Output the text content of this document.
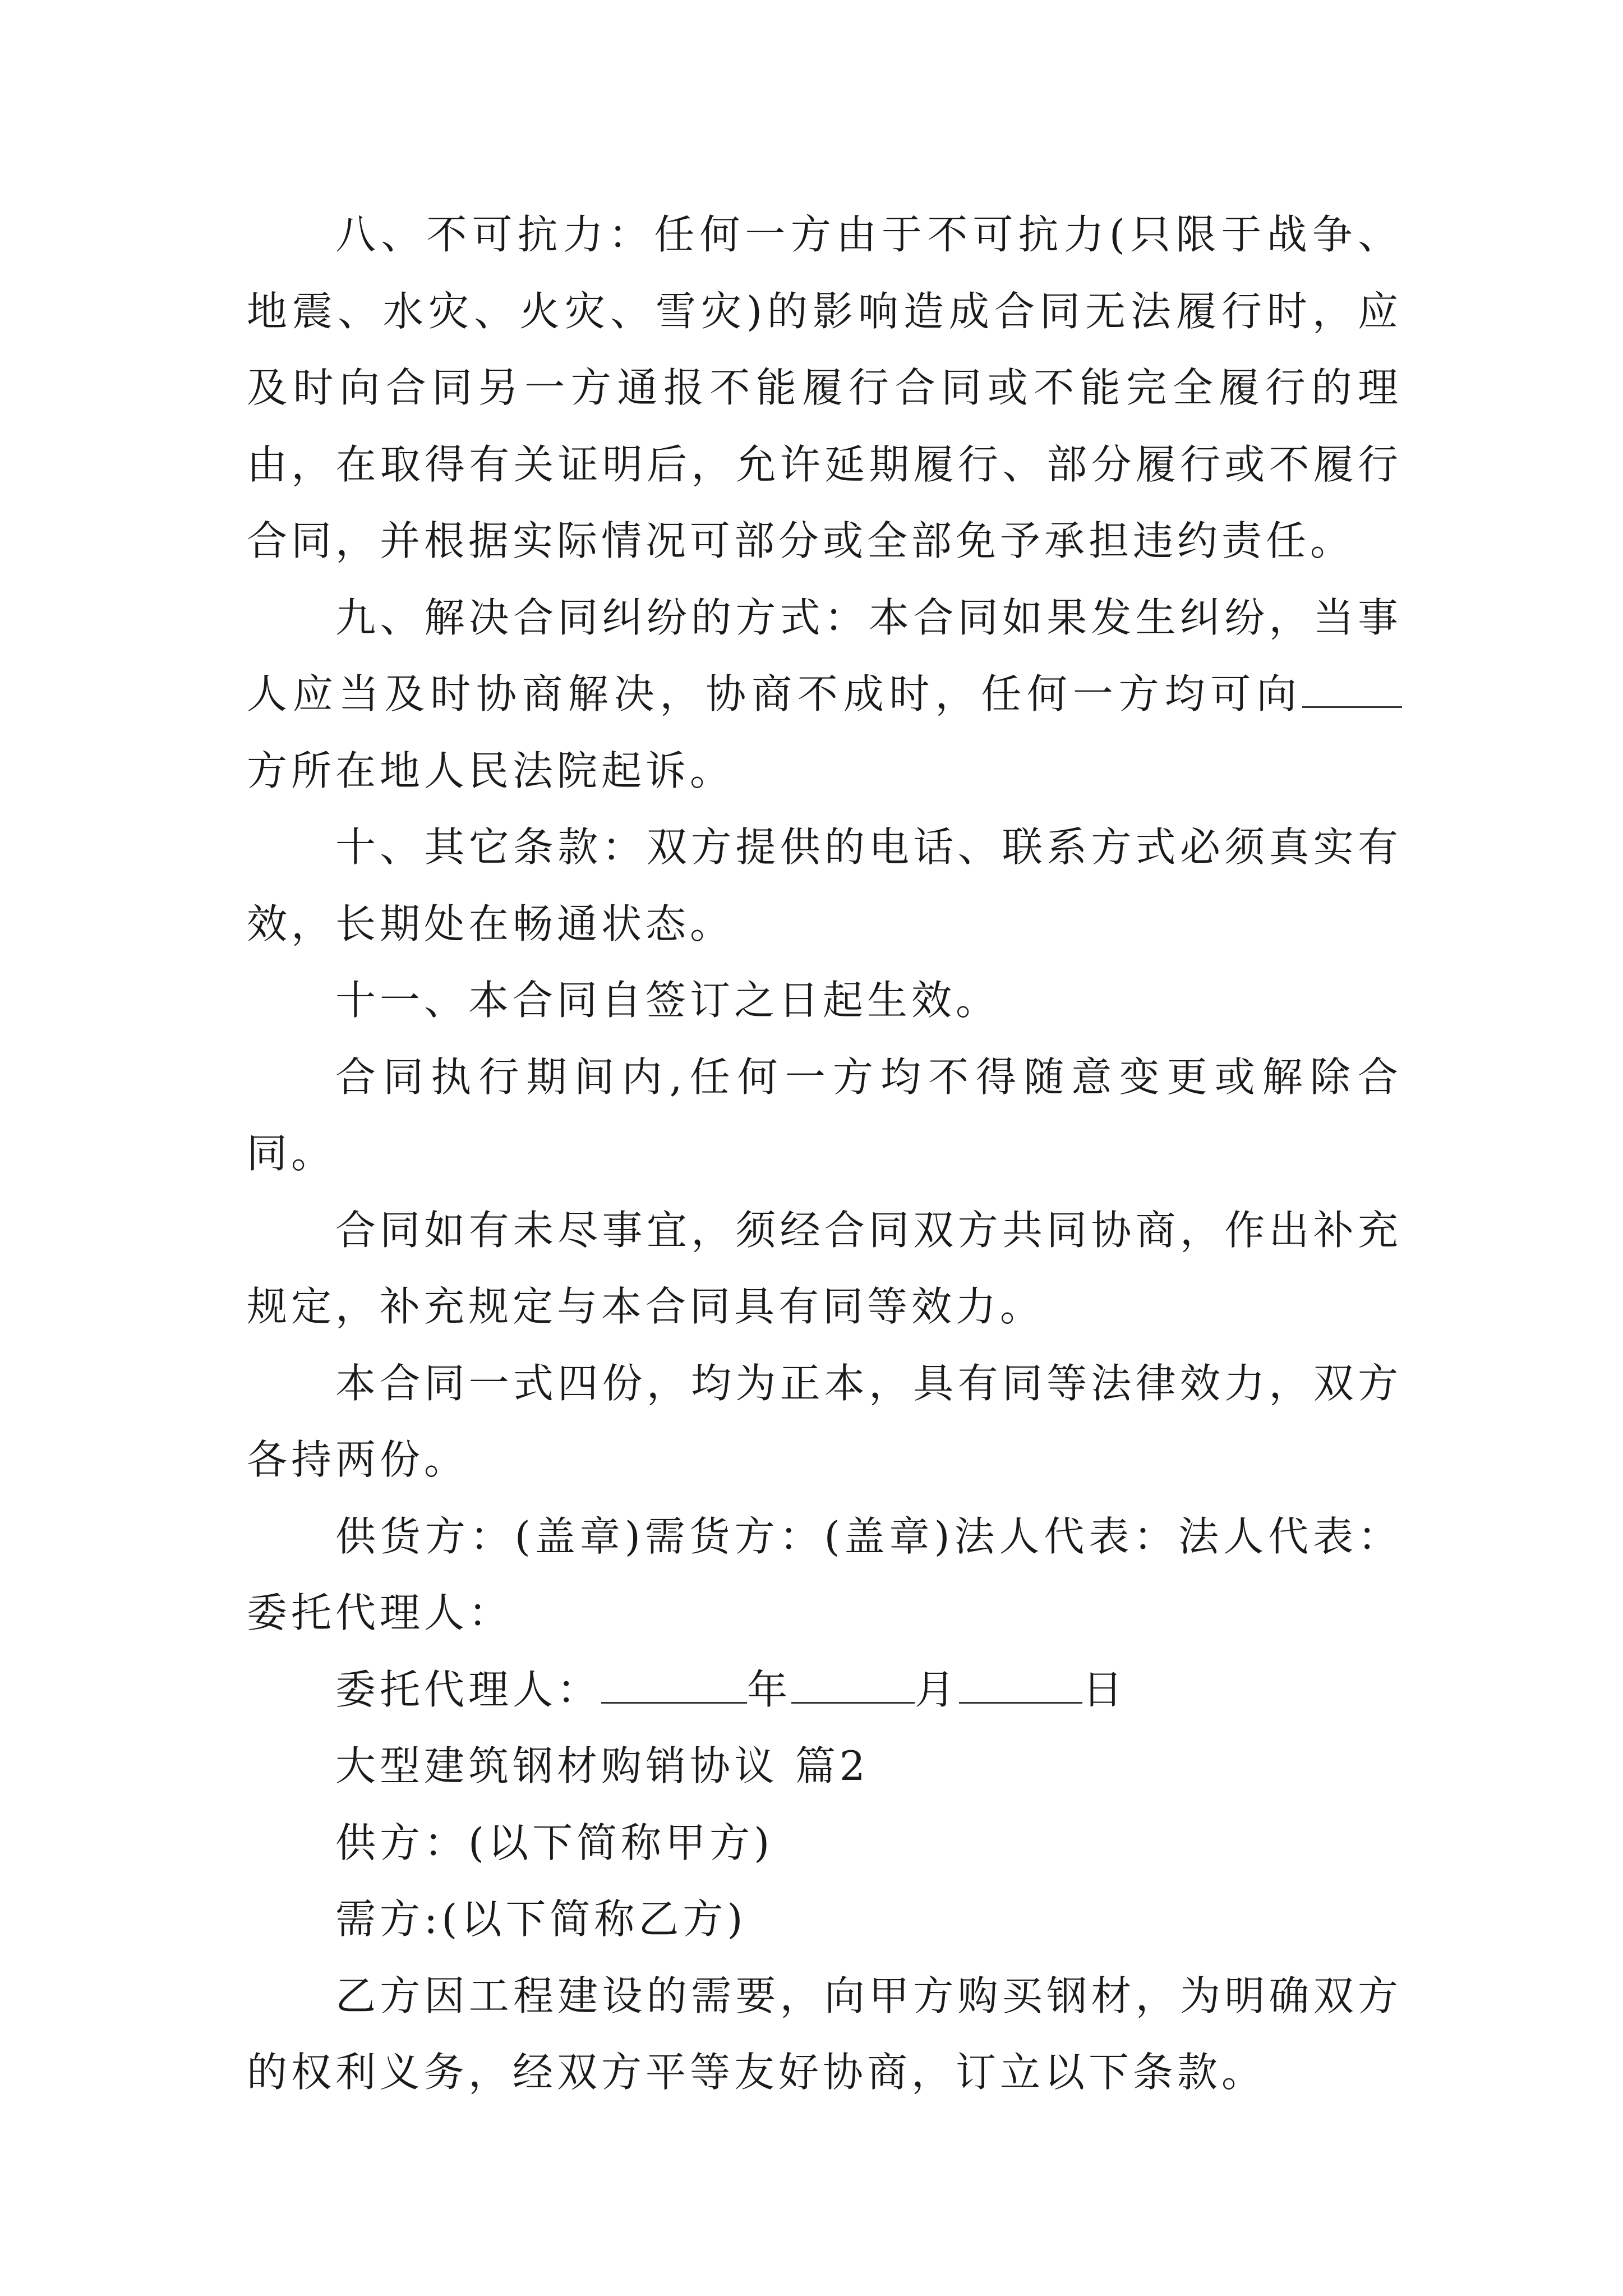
八、不可抗力：任何一方由于不可抗力(只限于战争、地震、水灾、火灾、雪灾)的影响造成合同无法履行时，应及时向合同另一方通报不能履行合同或不能完全履行的理由，在取得有关证明后，允许延期履行、部分履行或不履行合同，并根据实际情况可部分或全部免予承担违约责任。

九、解决合同纠纷的方式：本合同如果发生纠纷，当事人应当及时协商解决，协商不成时，任何一方均可向方所在地人民法院起诉。

十、其它条款：双方提供的电话、联系方式必须真实有效，长期处在畅通状态。

十一、本合同自签订之日起生效。

合同执行期间内,任何一方均不得随意变更或解除合同。

合同如有未尽事宜，须经合同双方共同协商，作出补充规定，补充规定与本合同具有同等效力。

本合同一式四份，均为正本，具有同等法律效力，双方各持两份。

供货方：(盖章)需货方：(盖章)法人代表：法人代表：委托代理人：

委托代理人：	年	月	日

大型建筑钢材购销协议 篇2

供方：(以下简称甲方)

需方:(以下简称乙方)

乙方因工程建设的需要，向甲方购买钢材，为明确双方的权利义务，经双方平等友好协商，订立以下条款。
